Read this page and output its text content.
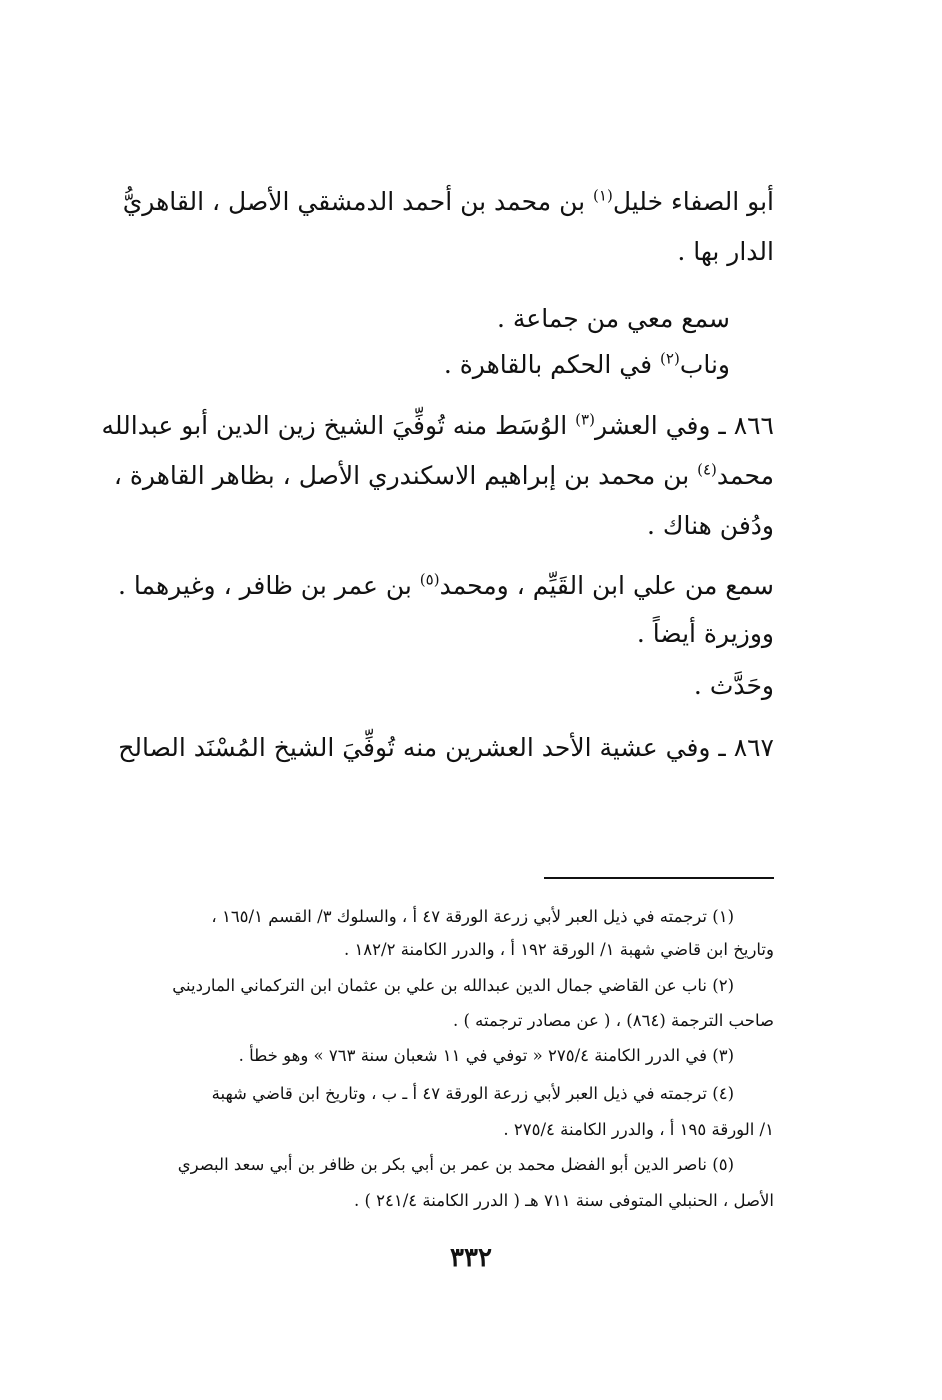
أبو الصفاء خليل$^{(١)}$ بن محمد بن أحمد الدمشقي الأصل ، القاهريُّ
الدار بها .
سمع معي من جماعة .
وناب$^{(٢)}$ في الحكم بالقاهرة .
٨٦٦ ـ وفي العشر$^{(٣)}$ الوُسَط منه تُوفِّيَ الشيخ زين الدين أبو عبدالله
محمد$^{(٤)}$ بن محمد بن إبراهيم الاسكندري الأصل ، بظاهر القاهرة ،
ودُفن هناك .
سمع من علي ابن القَيِّم ، ومحمد$^{(٥)}$ بن عمر بن ظافر ، وغيرهما .
ووزيرة أيضاً .
وحَدَّث .
٨٦٧ ـ وفي عشية الأحد العشرين منه تُوفِّيَ الشيخ المُسْنَد الصالح
(١) ترجمته في ذيل العبر لأبي زرعة الورقة ٤٧ أ ، والسلوك ٣/ القسم ١٦٥/١ ،
وتاريخ ابن قاضي شهبة ١/ الورقة ١٩٢ أ ، والدرر الكامنة ١٨٢/٢ .
(٢) ناب عن القاضي جمال الدين عبدالله بن علي بن عثمان ابن التركماني الماردیني
صاحب الترجمة (٨٦٤) ، ( عن مصادر ترجمته ) .
(٣) في الدرر الكامنة ٢٧٥/٤ « توفي في ١١ شعبان سنة ٧٦٣ » وهو خطأ .
(٤) ترجمته في ذيل العبر لأبي زرعة الورقة ٤٧ أ ـ ب ، وتاريخ ابن قاضي شهبة
١/ الورقة ١٩٥ أ ، والدرر الكامنة ٢٧٥/٤ .
(٥) ناصر الدين أبو الفضل محمد بن عمر بن أبي بكر بن ظافر بن أبي سعد البصري
الأصل ، الحنبلي المتوفى سنة ٧١١ هـ ( الدرر الكامنة ٢٤١/٤ ) .
٣٣٢
